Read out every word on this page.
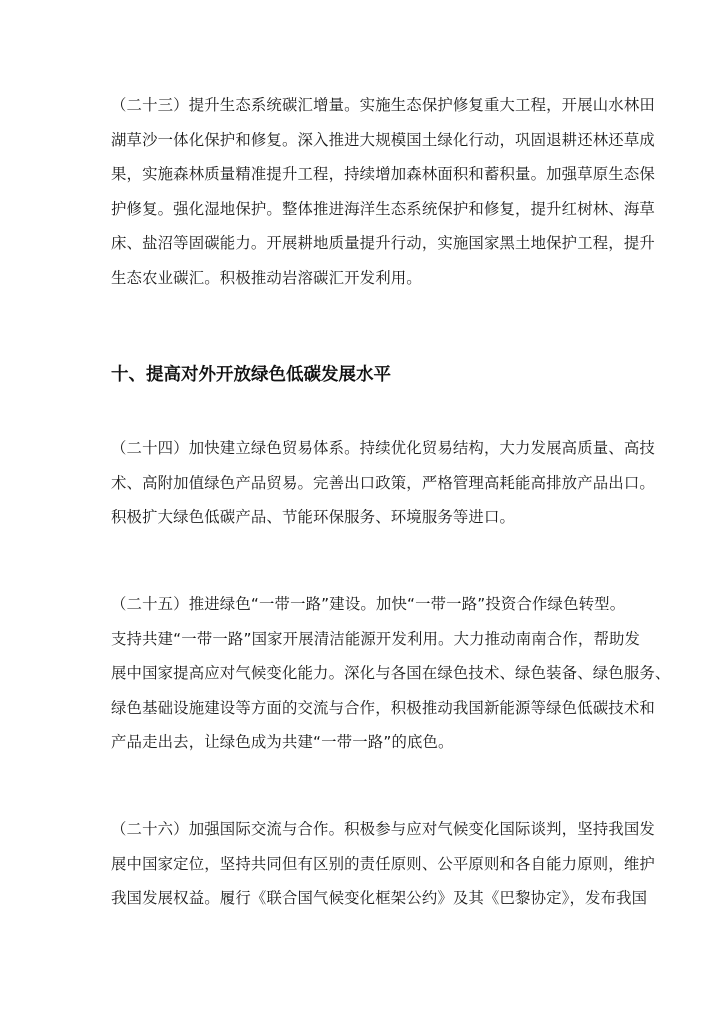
（二十三）提升生态系统碳汇增量。实施生态保护修复重大工程，开展山水林田
湖草沙一体化保护和修复。深入推进大规模国土绿化行动，巩固退耕还林还草成
果，实施森林质量精准提升工程，持续增加森林面积和蓄积量。加强草原生态保
护修复。强化湿地保护。整体推进海洋生态系统保护和修复，提升红树林、海草
床、盐沼等固碳能力。开展耕地质量提升行动，实施国家黑土地保护工程，提升
生态农业碳汇。积极推动岩溶碳汇开发利用。
十、提高对外开放绿色低碳发展水平
（二十四）加快建立绿色贸易体系。持续优化贸易结构，大力发展高质量、高技
术、高附加值绿色产品贸易。完善出口政策，严格管理高耗能高排放产品出口。
积极扩大绿色低碳产品、节能环保服务、环境服务等进口。
（二十五）推进绿色“一带一路”建设。加快“一带一路”投资合作绿色转型。
支持共建“一带一路”国家开展清洁能源开发利用。大力推动南南合作，帮助发
展中国家提高应对气候变化能力。深化与各国在绿色技术、绿色装备、绿色服务、
绿色基础设施建设等方面的交流与合作，积极推动我国新能源等绿色低碳技术和
产品走出去，让绿色成为共建“一带一路”的底色。
（二十六）加强国际交流与合作。积极参与应对气候变化国际谈判，坚持我国发
展中国家定位，坚持共同但有区别的责任原则、公平原则和各自能力原则，维护
我国发展权益。履行《联合国气候变化框架公约》及其《巴黎协定》，发布我国
